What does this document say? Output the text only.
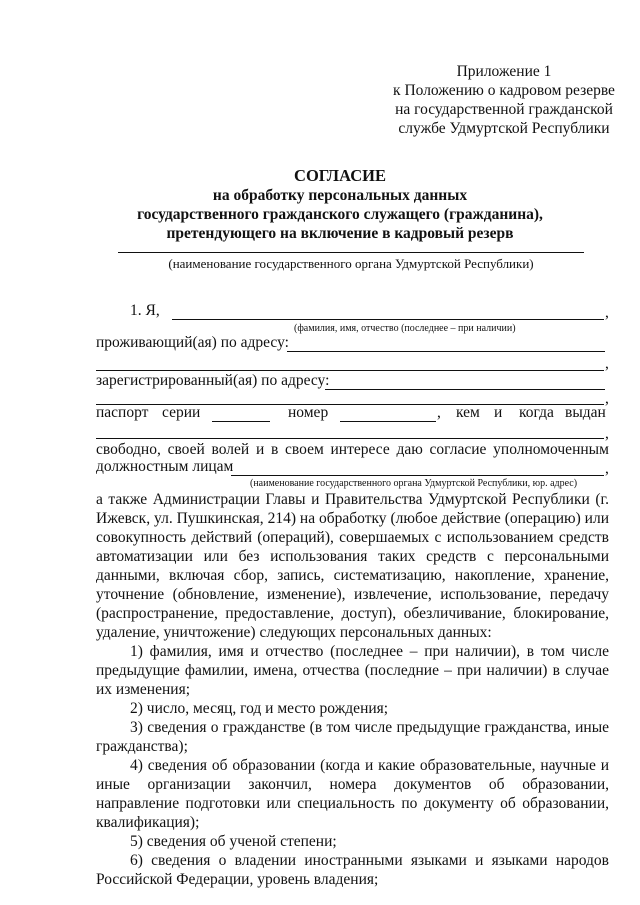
Приложение 1
к Положению о кадровом резерве
на государственной гражданской
службе Удмуртской Республики
СОГЛАСИЕ
на обработку персональных данных
государственного гражданского служащего (гражданина),
претендующего на включение в кадровый резерв
(наименование государственного органа Удмуртской Республики)
1. Я,	,
(фамилия, имя, отчество (последнее – при наличии)
проживающий(ая) по адресу:
,
зарегистрированный(ая) по адресу:
,
паспорт серии	номер	, кем и когда выдан
,
свободно, своей волей и в своем интересе даю согласие уполномоченным
должностным лицам	,
(наименование государственного органа Удмуртской Республики, юр. адрес)

а также Администрации Главы и Правительства Удмуртской Республики (г. Ижевск, ул. Пушкинская, 214) на обработку (любое действие (операцию) или совокупность действий (операций), совершаемых с использованием средств автоматизации или без использования таких средств с персональными данными, включая сбор, запись, систематизацию, накопление, хранение, уточнение (обновление, изменение), извлечение, использование, передачу (распространение, предоставление, доступ), обезличивание, блокирование, удаление, уничтожение) следующих персональных данных:

1) фамилия, имя и отчество (последнее – при наличии), в том числе предыдущие фамилии, имена, отчества (последние – при наличии) в случае их изменения;

2) число, месяц, год и место рождения;

3) сведения о гражданстве (в том числе предыдущие гражданства, иные гражданства);

4) сведения об образовании (когда и какие образовательные, научные и иные организации закончил, номера документов об образовании, направление подготовки или специальность по документу об образовании, квалификация);

5) сведения об ученой степени;

6) сведения о владении иностранными языками и языками народов Российской Федерации, уровень владения;
